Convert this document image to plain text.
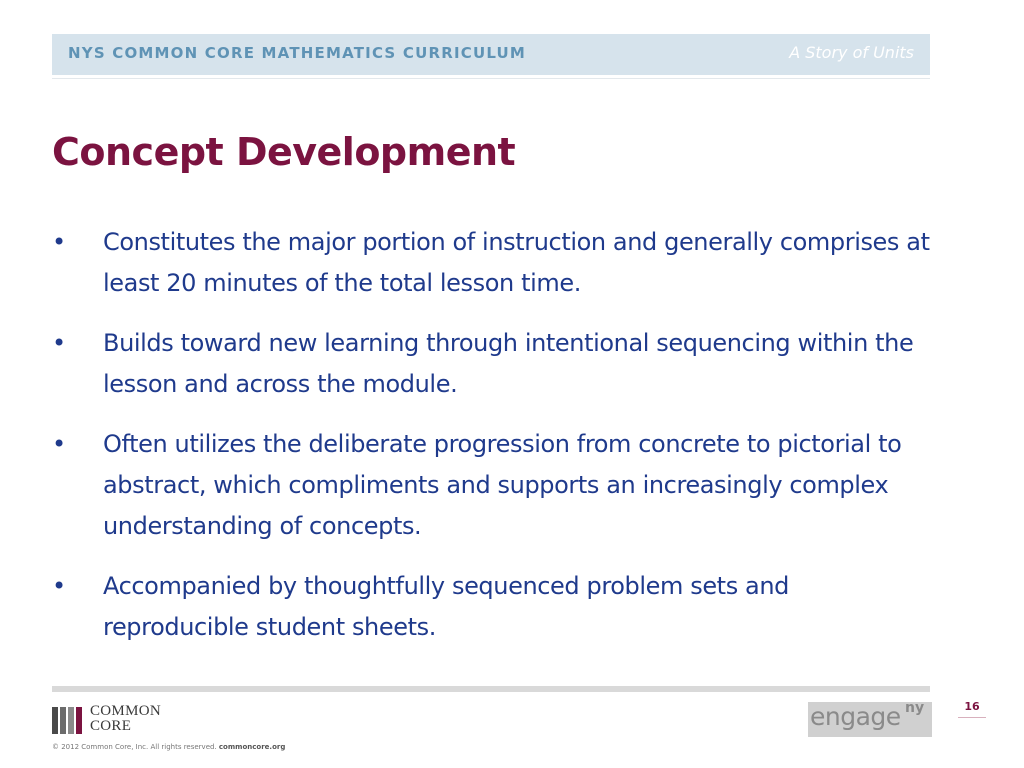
NYS COMMON CORE MATHEMATICS CURRICULUM	A Story of Units
Concept Development
• Constitutes the major portion of instruction and generally comprises at least 20 minutes of the total lesson time.
• Builds toward new learning through intentional sequencing within the lesson and across the module.
• Often utilizes the deliberate progression from concrete to pictorial to abstract, which compliments and supports an increasingly complex understanding of concepts.
• Accompanied by thoughtfully sequenced problem sets and reproducible student sheets.
COMMON
CORE
© 2012 Common Core, Inc. All rights reserved. commoncore.org
engage ny	16
